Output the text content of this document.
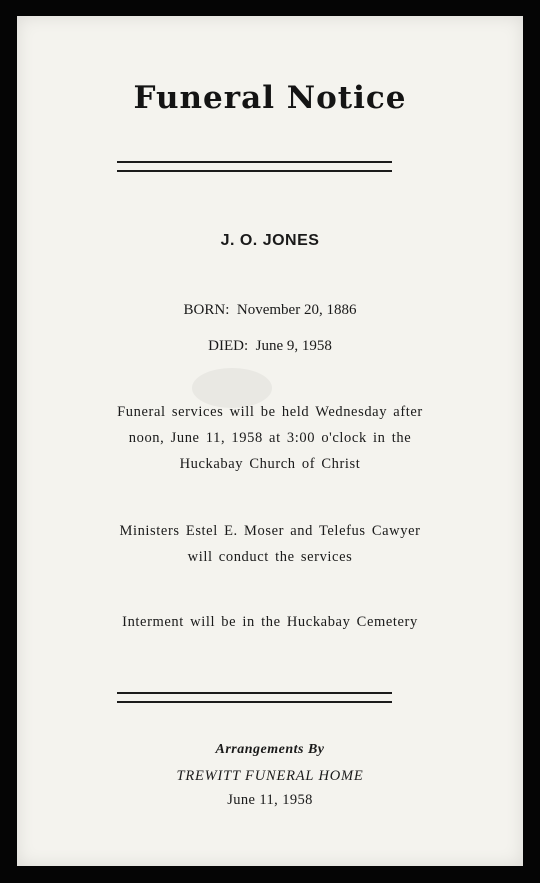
Funeral Notice
J. O. JONES
BORN: November 20, 1886
DIED: June 9, 1958
Funeral services will be held Wednesday after
noon, June 11, 1958 at 3:00 o'clock in the
Huckabay Church of Christ
Ministers Estel E. Moser and Telefus Cawyer
will conduct the services
Interment will be in the Huckabay Cemetery
Arrangements By
TREWITT FUNERAL HOME
June 11, 1958
